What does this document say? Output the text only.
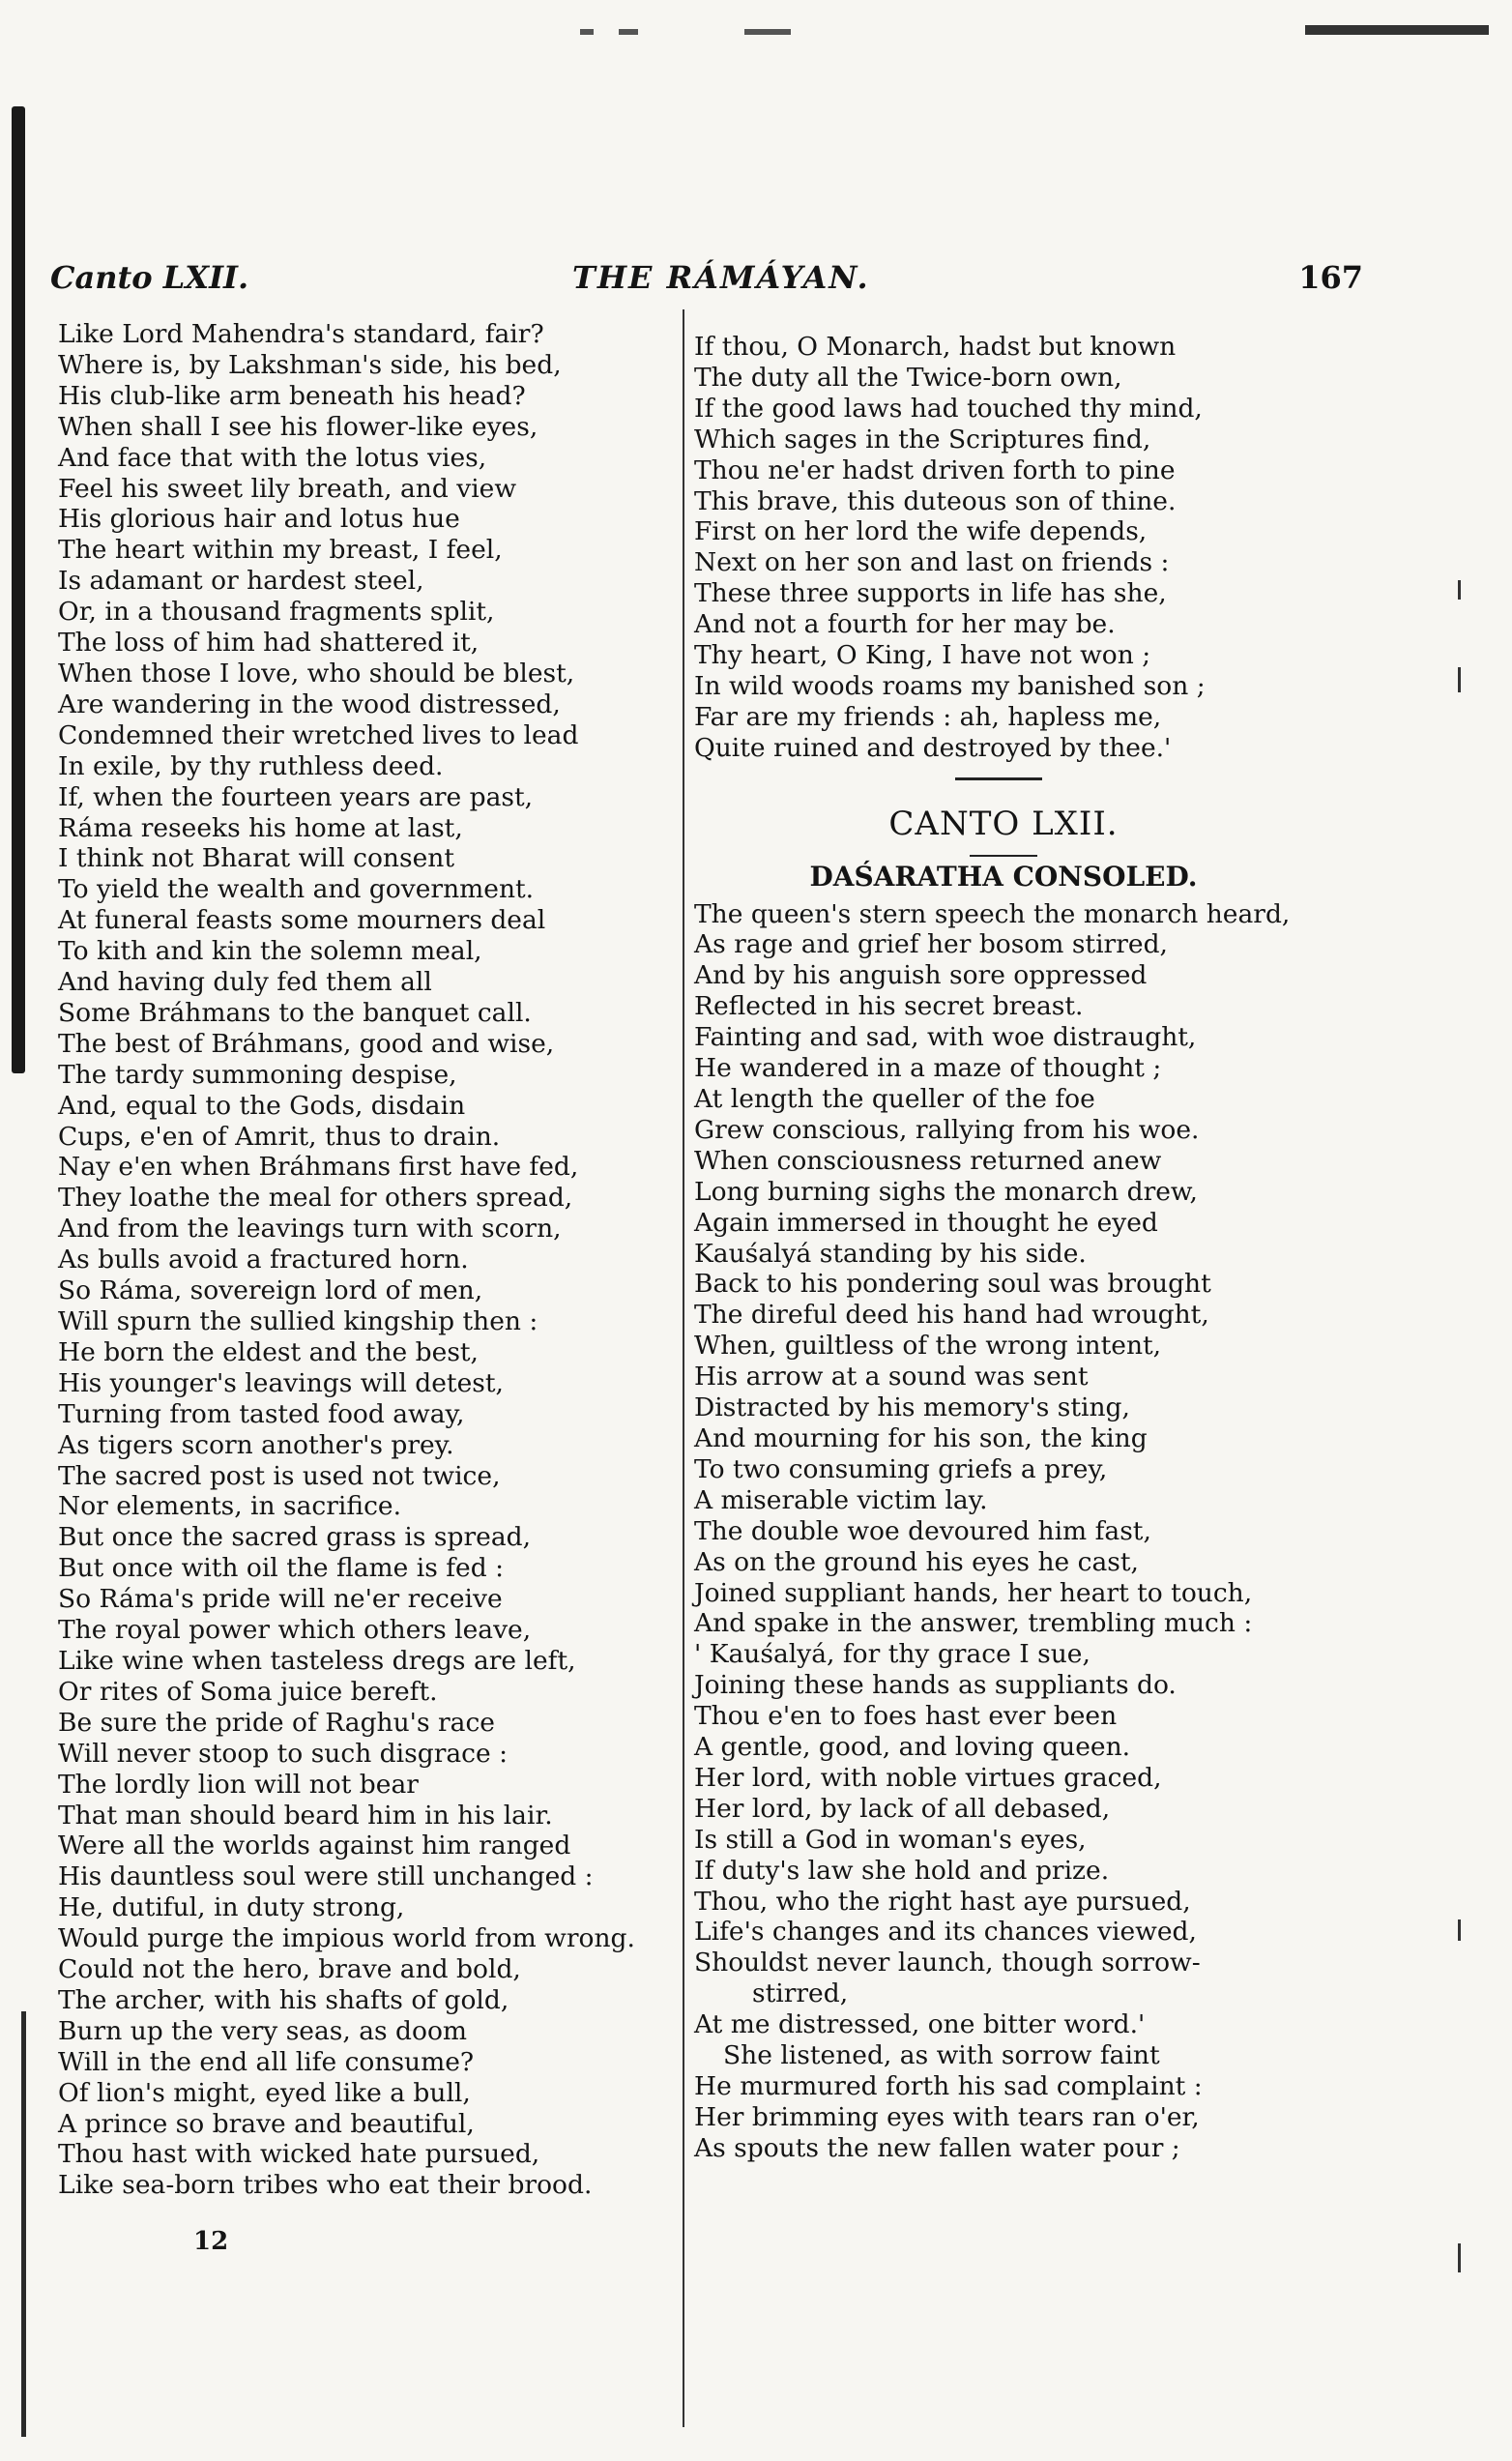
Canto LXII.	THE RÁMÁYAN.	167
Like Lord Mahendra's standard, fair?
Where is, by Lakshman's side, his bed,
His club-like arm beneath his head?
When shall I see his flower-like eyes,
And face that with the lotus vies,
Feel his sweet lily breath, and view
His glorious hair and lotus hue
The heart within my breast, I feel,
Is adamant or hardest steel,
Or, in a thousand fragments split,
The loss of him had shattered it,
When those I love, who should be blest,
Are wandering in the wood distressed,
Condemned their wretched lives to lead
In exile, by thy ruthless deed.
If, when the fourteen years are past,
Ráma reseeks his home at last,
I think not Bharat will consent
To yield the wealth and government.
At funeral feasts some mourners deal
To kith and kin the solemn meal,
And having duly fed them all
Some Bráhmans to the banquet call.
The best of Bráhmans, good and wise,
The tardy summoning despise,
And, equal to the Gods, disdain
Cups, e'en of Amrit, thus to drain.
Nay e'en when Bráhmans first have fed,
They loathe the meal for others spread,
And from the leavings turn with scorn,
As bulls avoid a fractured horn.
So Ráma, sovereign lord of men,
Will spurn the sullied kingship then :
He born the eldest and the best,
His younger's leavings will detest,
Turning from tasted food away,
As tigers scorn another's prey.
The sacred post is used not twice,
Nor elements, in sacrifice.
But once the sacred grass is spread,
But once with oil the flame is fed :
So Ráma's pride will ne'er receive
The royal power which others leave,
Like wine when tasteless dregs are left,
Or rites of Soma juice bereft.
Be sure the pride of Raghu's race
Will never stoop to such disgrace :
The lordly lion will not bear
That man should beard him in his lair.
Were all the worlds against him ranged
His dauntless soul were still unchanged :
He, dutiful, in duty strong,
Would purge the impious world from wrong.
Could not the hero, brave and bold,
The archer, with his shafts of gold,
Burn up the very seas, as doom
Will in the end all life consume?
Of lion's might, eyed like a bull,
A prince so brave and beautiful,
Thou hast with wicked hate pursued,
Like sea-born tribes who eat their brood.
If thou, O Monarch, hadst but known
The duty all the Twice-born own,
If the good laws had touched thy mind,
Which sages in the Scriptures find,
Thou ne'er hadst driven forth to pine
This brave, this duteous son of thine.
First on her lord the wife depends,
Next on her son and last on friends :
These three supports in life has she,
And not a fourth for her may be.
Thy heart, O King, I have not won ;
In wild woods roams my banished son ;
Far are my friends : ah, hapless me,
Quite ruined and destroyed by thee.'
CANTO LXII.
DAŚARATHA CONSOLED.
The queen's stern speech the monarch heard,
As rage and grief her bosom stirred,
And by his anguish sore oppressed
Reflected in his secret breast.
Fainting and sad, with woe distraught,
He wandered in a maze of thought ;
At length the queller of the foe
Grew conscious, rallying from his woe.
When consciousness returned anew
Long burning sighs the monarch drew,
Again immersed in thought he eyed
Kauśalyá standing by his side.
Back to his pondering soul was brought
The direful deed his hand had wrought,
When, guiltless of the wrong intent,
His arrow at a sound was sent
Distracted by his memory's sting,
And mourning for his son, the king
To two consuming griefs a prey,
A miserable victim lay.
The double woe devoured him fast,
As on the ground his eyes he cast,
Joined suppliant hands, her heart to touch,
And spake in the answer, trembling much :
' Kauśalyá, for thy grace I sue,
Joining these hands as suppliants do.
Thou e'en to foes hast ever been
A gentle, good, and loving queen.
Her lord, with noble virtues graced,
Her lord, by lack of all debased,
Is still a God in woman's eyes,
If duty's law she hold and prize.
Thou, who the right hast aye pursued,
Life's changes and its chances viewed,
Shouldst never launch, though sorrow-
stirred,
At me distressed, one bitter word.'
She listened, as with sorrow faint
He murmured forth his sad complaint :
Her brimming eyes with tears ran o'er,
As spouts the new fallen water pour ;
12
